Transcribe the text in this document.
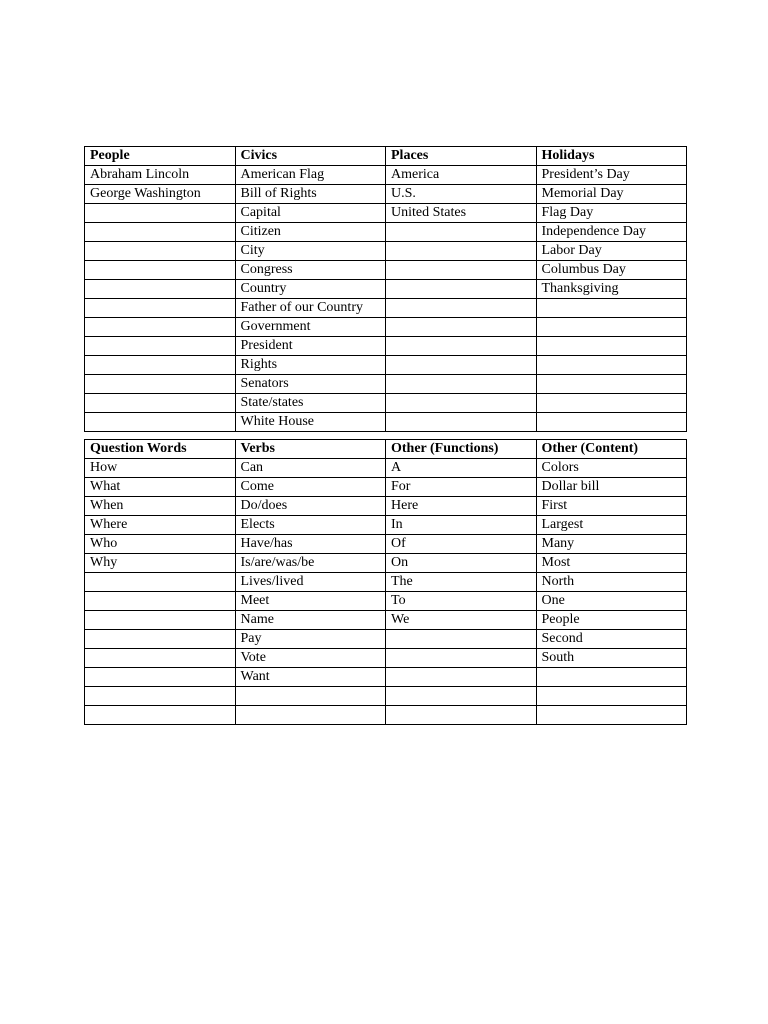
People	Civics	Places	Holidays
Abraham Lincoln	American Flag	America	President’s Day
George Washington	Bill of Rights	U.S.	Memorial Day
	Capital	United States	Flag Day
	Citizen		Independence Day
	City		Labor Day
	Congress		Columbus Day
	Country		Thanksgiving
	Father of our Country		
	Government		
	President		
	Rights		
	Senators		
	State/states		
	White House		
Question Words	Verbs	Other (Functions)	Other (Content)
How	Can	A	Colors
What	Come	For	Dollar bill
When	Do/does	Here	First
Where	Elects	In	Largest
Who	Have/has	Of	Many
Why	Is/are/was/be	On	Most
	Lives/lived	The	North
	Meet	To	One
	Name	We	People
	Pay		Second
	Vote		South
	Want		
